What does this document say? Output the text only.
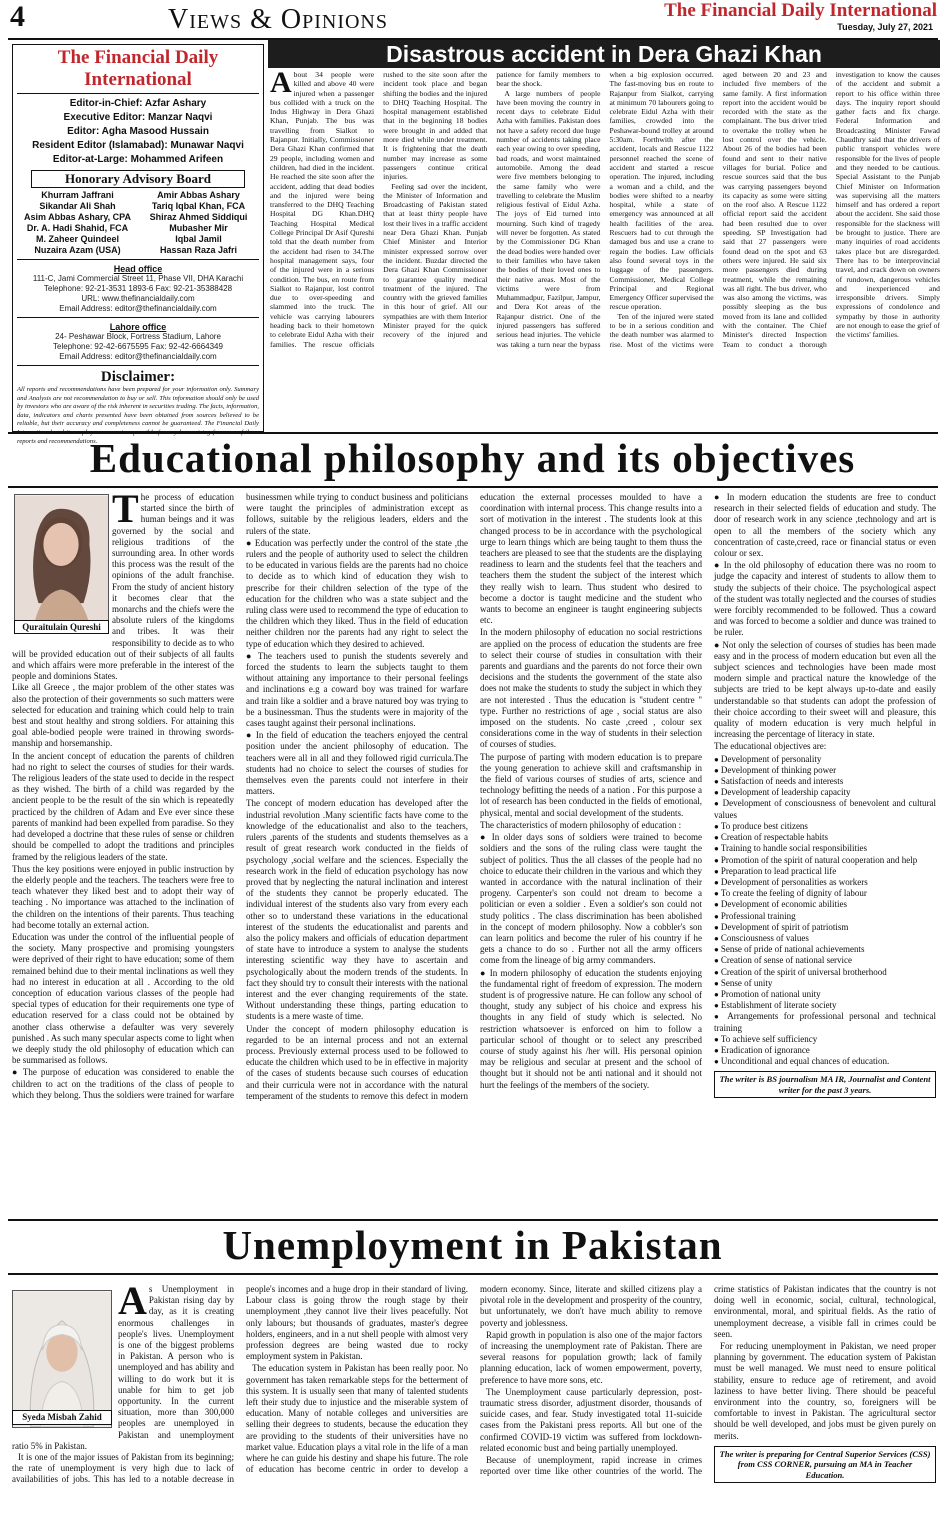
4	Views & Opinions	The Financial Daily International
Tuesday, July 27, 2021
The Financial Daily International
Editor-in-Chief: Azfar Ashary
Executive Editor: Manzar Naqvi
Editor: Agha Masood Hussain
Resident Editor (Islamabad): Munawar Naqvi
Editor-at-Large: Mohammed Arifeen
Honorary Advisory Board
Khurram Jaffrani
Sikandar Ali Shah
Asim Abbas Ashary, CPA
Dr. A. Hadi Shahid, FCA
M. Zaheer Quindeel
Nuzaira Azam (USA)
Amir Abbas Ashary
Tariq Iqbal Khan, FCA
Shiraz Ahmed Siddiqui
Mubasher Mir
Iqbal Jamil
Hassan Raza Jafri
Head office
111-C, Jami Commercial Street 11, Phase VII, DHA Karachi
Telephone: 92-21-3531 1893-6 Fax: 92-21-35388428
URL: www.thefinancialdaily.com
Email Address: editor@thefinancialdaily.com
Lahore office
24- Peshawar Block, Fortress Stadium, Lahore
Telephone: 92-42-6675595 Fax: 92-42-6664349
Email Address: editor@thefinancialdaily.com
Disclaimer:
All reports and recommendations have been prepared for your information only. Summary and Analysis are not recommendation to buy or sell. This information should only be used by investors who are aware of the risk inherent in securities trading. The facts, information, data, indicators and charts presented have been obtained from sources believed to be reliable, but their accuracy and completeness cannot be guaranteed. The Financial Daily International and its employees are not responsible for any loss arising from use of these reports and recommendations.
Disastrous accident in Dera Ghazi Khan
A bout 34 people were killed and above 40 were injured when a passenger bus collided with a truck on the Indus Highway in Dera Ghazi Khan, Punjab. The bus was travelling from Sialkot to Rajanpur. Initially, Commissioner Dera Ghazi Khan confirmed that 29 people, including women and children, had died in the incident. He reached the site soon after the accident, adding that dead bodies and the injured were being transferred to the DHQ Teaching Hospital DG Khan.DHQ Teaching Hospital Medical College Principal Dr Asif Qureshi told that the death number from the accident had risen to 34.The hospital management says, four of the injured were in a serious condition. The bus, en route from Sialkot to Rajanpur, lost control due to over-speeding and slammed into the truck. The vehicle was carrying labourers heading back to their hometown to celebrate Eidul Azha with their families. The rescue officials rushed to the site soon after the incident took place and began shifting the bodies and the injured to DHQ Teaching Hospital. The hospital management established that in the beginning 18 bodies were brought in and added that more died while under treatment. It is frightening that the death number may increase as some passengers continue critical injuries.

Feeling sad over the incident, the Minister of Information and Broadcasting of Pakistan stated that at least thirty people have lost their lives in a traffic accident near Dera Ghazi Khan. Punjab Chief Minister and Interior minister expressed sorrow over the incident. Buzdar directed the Dera Ghazi Khan Commissioner to guarantee quality medical treatment of the injured. The country with the grieved families in this hour of grief. All our sympathies are with them Interior Minister prayed for the quick recovery of the injured and patience for family members to bear the shock.

A large numbers of people have been moving the country in recent days to celebrate Eidul Azha with families. Pakistan does not have a safety record due huge number of accidents taking place each year owing to over speeding, bad roads, and worst maintained automobile. Among the dead were five members belonging to the same family who were travelling to celebrate the Muslim religious festival of Eidul Azha. The joys of Eid turned into mourning. Such kind of tragedy will never be forgotten. As stated by the Commissioner DG Khan the dead bodies were handed over to their families who have taken the bodies of their loved ones to their native areas. Most of the victims were from Muhammadpur, Fazilpur, Jampur, and Dera Kot areas of the Rajanpur district. One of the injured passengers has suffered serious head injuries. The vehicle was taking a turn near the bypass when a big explosion occurred. The fast-moving bus en route to Rajanpur from Sialkot, carrying at minimum 70 labourers going to celebrate Eidul Azha with their families, crowded into the Peshawar-bound trolley at around 5:30am. Forthwith after the accident, locals and Rescue 1122 personnel reached the scene of accident and started a rescue operation. The injured, including a woman and a child, and the bodies were shifted to a nearby hospital, while a state of emergency was announced at all health facilities of the area. Rescuers had to cut through the damaged bus and use a crane to regain the bodies. Law officials also found several toys in the luggage of the passengers. Commissioner, Medical College Principal and Regional Emergency Officer supervised the rescue operation.

Ten of the injured were stated to be in a serious condition and the death number was alarmed to rise. Most of the victims were aged between 20 and 23 and included five members of the same family. A first information report into the accident would be recorded with the state as the complainant. The bus driver tried to overtake the trolley when he lost control over the vehicle. About 26 of the bodies had been found and sent to their native villages for burial. Police and rescue sources said that the bus was carrying passengers beyond its capacity as some were sitting on the roof also. A Rescue 1122 official report said the accident had been resulted due to over speeding. SP Investigation had said that 27 passengers were found dead on the spot and 63 others were injured. He said six more passengers died during treatment, while the remaining was all right. The bus driver, who was also among the victims, was possibly sleeping as the bus moved from its lane and collided with the container. The Chief Minister's directed Inspection Team to conduct a thorough investigation to know the causes of the accident and submit a report to his office within three days. The inquiry report should gather facts and fix charge. Federal Information and Broadcasting Minister Fawad Chaudhry said that the drivers of public transport vehicles were responsible for the lives of people and they needed to be cautious. Special Assistant to the Punjab Chief Minister on Information was supervising all the matters himself and has ordered a report about the accident. She said those responsible for the slackness will be brought to justice. There are many inquiries of road accidents takes place but are disregarded. There has to be interprovincial travel, and crack down on owners of rundown, dangerous vehicles and inexperienced and irresponsible drivers. Simply expressions of condolence and sympathy by those in authority are not enough to ease the grief of the victims' families.

Educational philosophy and its objectives
T he process of education started since the birth of human beings and it was governed by the social and religious traditions of the surrounding area. In other words this process was the result of the opinions of the adult franchise. From the study of ancient history it becomes clear that the monarchs and the chiefs were the absolute rulers of the kingdoms and tribes. It was their responsibility to decide as to who will be provided education out of their subjects of all faults and which affairs were more preferable in the interest of the people and dominions States.

Like all Greece , the major problem of the other states was also the protection of their governments so such matters were selected for education and training which could help to train best and stout healthy and strong soldiers. For attaining this goal able-bodied people were trained in throwing swords-manship and horsemanship.

In the ancient concept of education the parents of children had no right to select the courses of studies for their wards. The religious leaders of the state used to decide in the respect as they wished. The birth of a child was regarded by the ancient people to be the result of the sin which is repeatedly practiced by the children of Adam and Eve ever since these parents of mankind had been expelled from paradise. So they had developed a doctrine that these rules of sense or children should be compelled to adopt the traditions and principles framed by the religious leaders of the state.

Thus the key positions were enjoyed in public instruction by the elderly people and the teachers. The teachers were free to teach whatever they liked best and to adopt their way of teaching . No importance was attached to the inclination of the children on the intentions of their parents. Thus teaching had become totally an external action.

Education was under the control of the influential people of the society. Many prospective and promising youngsters were deprived of their right to have education; some of them remained behind due to their mental inclinations as well they had no interest in education at all . According to the old conception of education various classes of the people had special types of education for their requirements one type of education reserved for a class could not be obtained by another class otherwise a defaulter was very severely punished . As such many specular aspects come to light when we deeply study the old philosophy of education which can be summarised as follows.

● The purpose of education was considered to enable the children to act on the traditions of the class of people to which they belong. Thus the soldiers were trained for warfare businessmen while trying to conduct business and politicians were taught the principles of administration except as follows, suitable by the religious leaders, elders and the rulers of the state.

● Education was perfectly under the control of the state ,the rulers and the people of authority used to select the children to be educated in various fields are the parents had no choice to decide as to which kind of education they wish to prescribe for their children selection of the type of the education for the children who was a state subject and the ruling class were used to recommend the type of education to the children which they liked. Thus in the field of education neither children nor the parents had any right to select the type of education which they desired to achieved.

● The teachers used to punish the students severely and forced the students to learn the subjects taught to them without attaining any importance to their personal feelings and inclinations e.g a coward boy was trained for warfare and train like a soldier and a brave natured boy was trying to be a businessman. Thus the students were in majority of the cases taught against their personal inclinations.

● In the field of education the teachers enjoyed the central position under the ancient philosophy of education. The teachers were all in all and they followed rigid curricula.The students had no choice to select the courses of studies for themselves even the parents could not interfere in their matters.

The concept of modern education has developed after the industrial revolution .Many scientific facts have come to the knowledge of the educationalist and also to the teachers, rulers ,parents of the students and students themselves as a result of great research work conducted in the fields of psychology ,social welfare and the sciences. Especially the research work in the field of education psychology has now proved that by neglecting the natural inclination and interest of the students they cannot be properly educated. The individual interest of the students also vary from every each other so to understand these variations in the educational interest of the students the educationalist and parents and also the policy makers and officials of education department of state have to introduce a system to analyse the students interesting scientific way they have to ascertain and psychologically about the modern trends of the students. In fact they should try to consult their interests with the national interest and the ever changing requirements of the state. Without understanding these things, parting education to students is a mere waste of time.

Under the concept of modern philosophy education is regarded to be an internal process and not an external process. Previously external process used to be followed to educate the children which used to be in effective in majority of the cases of students because such courses of education and their curricula were not in accordance with the natural temperament of the students to remove this defect in modern education the external processes moulded to have a coordination with internal process. This change results into a sort of motivation in the interest . The students look at this changed process to be in accordance with the psychological urge to learn things which are being taught to them thuss the teachers are pleased to see that the students are the displaying readiness to learn and the students feel that the teachers and teachers them the student the subject of the interest which they really wish to learn. Thus student who desired to become a doctor is taught medicine and the student who wants to become an engineer is taught engineering subjects etc.

In the modern philosophy of education no social restrictions are applied on the process of education the students are free to select their course of studies in consultation with their parents and guardians and the parents do not force their own decisions and the students the government of the state also does not make the students to study the subject in which they are not interested . Thus the education is "student centre " type. Further no restrictions of age , social status are also imposed on the students. No caste ,creed , colour sex considerations come in the way of students in their selection of courses of studies.

The purpose of parting with modern education is to prepare the young generation to achieve skill and craftsmanship in the field of various courses of studies of arts, science and technology befitting the needs of a nation . For this purpose a lot of research has been conducted in the fields of emotional, physical, mental and social development of the students.

The characteristics of modern philosophy of education :

● In older days sons of soldiers were trained to become soldiers and the sons of the ruling class were taught the subject of politics. Thus the all classes of the people had no choice to educate their children in the various and which they wanted in accordance with the natural inclination of their progeny. Carpenter's son could not dream to become a politician or even a soldier . Even a soldier's son could not study politics . The class discrimination has been abolished in the concept of modern philosophy. Now a cobbler's son can learn politics and become the ruler of his country if he gets a chance to do so . Further not all the army officers come from the lineage of big army commanders.

● In modern philosophy of education the students enjoying the fundamental right of freedom of expression. The modern student is of progressive nature. He can follow any school of thought, study any subject of his choice and express his thoughts in any field of study which is selected. No restriction whatsoever is enforced on him to follow a particular school of thought or to select any prescribed course of study against his /her will. His personal opinion may be religious and secular at present and the school of thought but it should not be anti national and it should not hurt the feelings of the members of the society.

● In modern education the students are free to conduct research in their selected fields of education and study. The door of research work in any science ,technology and art is open to all the members of the society which any concentration of caste,creed, race or financial status or even colour or sex.

● In the old philosophy of education there was no room to judge the capacity and interest of students to allow them to study the subjects of their choice. The psychological aspect of the student was totally neglected and the courses of studies were forcibly recommended to be followed. Thus a coward and was forced to become a soldier and dunce was trained to be ruler.

● Not only the selection of courses of studies has been made easy and in the process of modern education but even all the subject sciences and technologies have been made most modern simple and practical nature the knowledge of the subjects are tried to be kept always up-to-date and easily understandable so that students can adopt the profession of their choice according to their sweet will and pleasure, this quality of modern education is very much helpful in increasing the percentage of literacy in state.

The educational objectives are:

● Development of personality
● Development of thinking power
● Satisfaction of needs and interests
● Development of leadership capacity
● Development of consciousness of benevolent and cultural values
● To produce best citizens
● Creation of respectable habits
● Training to handle social responsibilities
● Promotion of the spirit of natural cooperation and help
● Preparation to lead practical life
● Development of personalities as workers
● To create the feeling of dignity of labour
● Development of economic abilities
● Professional training
● Development of spirit of patriotism
● Consciousness of values
● Sense of pride of national achievements
● Creation of sense of national service
● Creation of the spirit of universal brotherhood
● Sense of unity
● Promotion of national unity
● Establishment of literate society
● Arrangements for professional personal and technical training
● To achieve self sufficiency
● Eradication of ignorance
● Unconditional and equal chances of education.
The writer is BS journalism MA IR, Journalist and Content writer for the past 3 years.
Quraitulain Qureshi
Unemployment in Pakistan
A s Unemployment in Pakistan rising day by day, as it is creating enormous challenges in people's lives. Unemployment is one of the biggest problems in Pakistan. A person who is unemployed and has ability and willing to do work but it is unable for him to get job opportunity. In the current situation, more than 300,000 peoples are unemployed in Pakistan and unemployment ratio 5% in Pakistan.

It is one of the major issues of Pakistan from its beginning; the rate of unemployment is very high due to lack of availabilities of jobs. This has led to a notable decrease in people's incomes and a huge drop in their standard of living. Labour class is going throw the rough stage by their unemployment ,they cannot live their lives peacefully. Not only labours; but thousands of graduates, master's degree holders, engineers, and in a nut shell people with almost very profession degrees are being wasted due to rocky employment system in Pakistan.

The education system in Pakistan has been really poor. No government has taken remarkable steps for the betterment of this system. It is usually seen that many of talented students left their study due to injustice and the miserable system of education. Many of notable colleges and universities are selling their degrees to students, because the education they are providing to the students of their universities have no market value. Education plays a vital role in the life of a man where he can guide his destiny and shape his future. The role of education has become centric in order to develop a modern economy. Since, literate and skilled citizens play a pivotal role in the development and prosperity of the country, but unfortunately, we don't have much ability to remove poverty and joblessness.

Rapid growth in population is also one of the major factors of increasing the unemployment rate of Pakistan. There are several reasons for population growth; lack of family planning education, lack of women empowerment, poverty, preference to have more sons, etc.

The Unemployment cause particularly depression, post-traumatic stress disorder, adjustment disorder, thousands of suicide cases, and fear. Study investigated total 11-suicide cases from the Pakistani press reports. All but one of the confirmed COVID-19 victim was suffered from lockdown-related economic bust and being partially unemployed.

Because of unemployment, rapid increase in crimes reported over time like other countries of the world. The crime statistics of Pakistan indicates that the country is not doing well in economic, social, cultural, technological, environmental, moral, and spiritual fields. As the ratio of unemployment decrease, a visible fall in crimes could be seen.

For reducing unemployment in Pakistan, we need proper planning by government. The education system of Pakistan must be well managed. We must need to ensure political stability, ensure to reduce age of retirement, and avoid laziness to have better living. There should be peaceful environment into the country, so, foreigners will be comfortable to invest in Pakistan. The agricultural sector should be well developed, and jobs must be given purely on merits.

The writer is preparing for Central Superior Services (CSS) from CSS CORNER, pursuing an MA in Teacher Education.
Syeda Misbah Zahid
